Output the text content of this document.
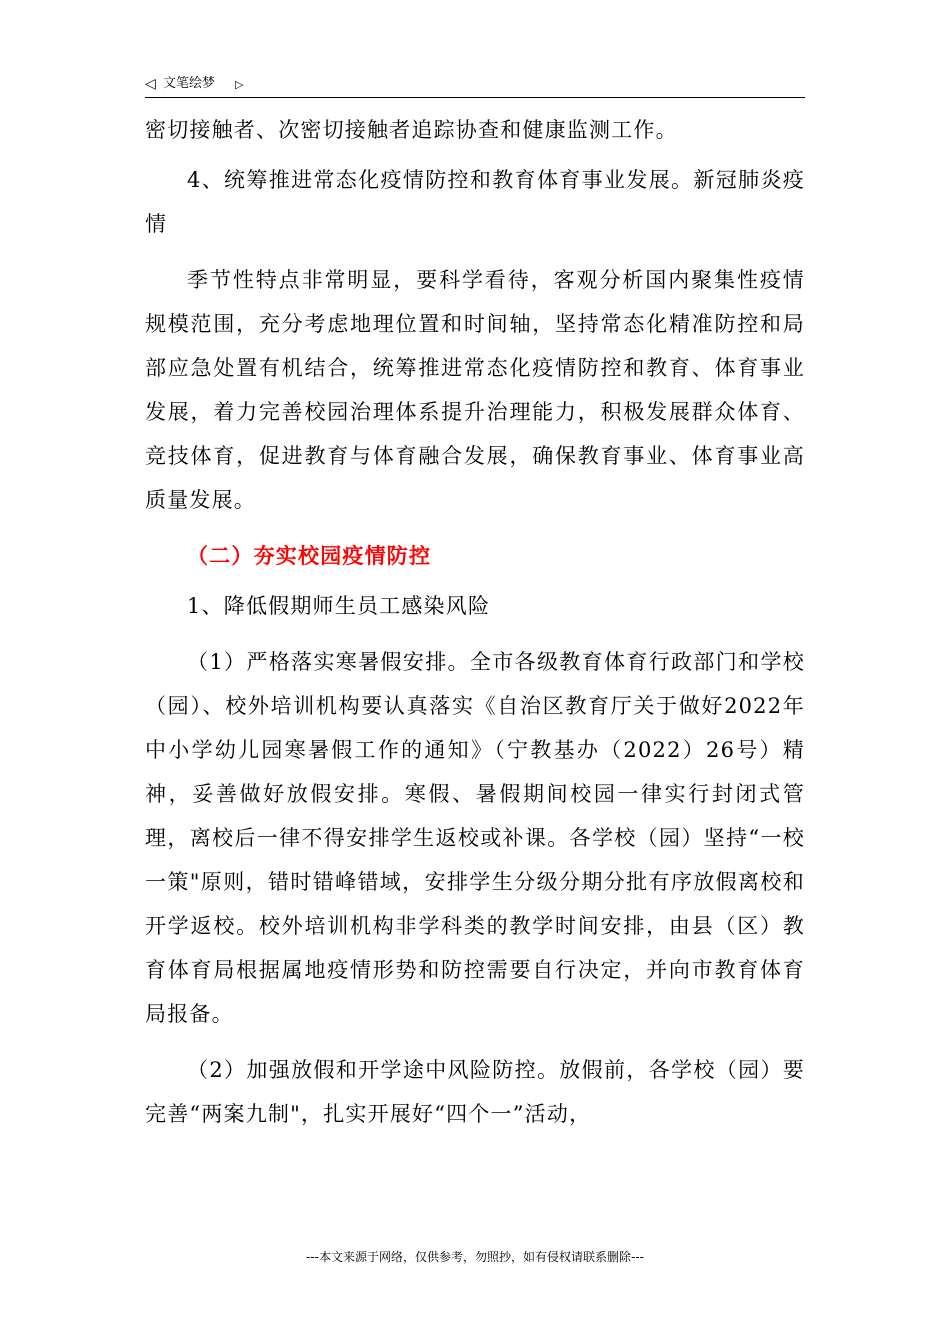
◁ 文笔绘梦 ▷

密切接触者、次密切接触者追踪协查和健康监测工作。

4、统筹推进常态化疫情防控和教育体育事业发展。新冠肺炎疫情

季节性特点非常明显，要科学看待，客观分析国内聚集性疫情规模范围，充分考虑地理位置和时间轴，坚持常态化精准防控和局部应急处置有机结合，统筹推进常态化疫情防控和教育、体育事业发展，着力完善校园治理体系提升治理能力，积极发展群众体育、竞技体育，促进教育与体育融合发展，确保教育事业、体育事业高质量发展。

（二）夯实校园疫情防控

1、降低假期师生员工感染风险

（1）严格落实寒暑假安排。全市各级教育体育行政部门和学校（园）、校外培训机构要认真落实《自治区教育厅关于做好2022年中小学幼儿园寒暑假工作的通知》（宁教基办（2022）26号）精神，妥善做好放假安排。寒假、暑假期间校园一律实行封闭式管理，离校后一律不得安排学生返校或补课。各学校（园）坚持“一校一策"原则，错时错峰错域，安排学生分级分期分批有序放假离校和开学返校。校外培训机构非学科类的教学时间安排，由县（区）教育体育局根据属地疫情形势和防控需要自行决定，并向市教育体育局报备。

（2）加强放假和开学途中风险防控。放假前，各学校（园）要完善“两案九制"，扎实开展好“四个一”活动，

---本文来源于网络，仅供参考，勿照抄，如有侵权请联系删除---
